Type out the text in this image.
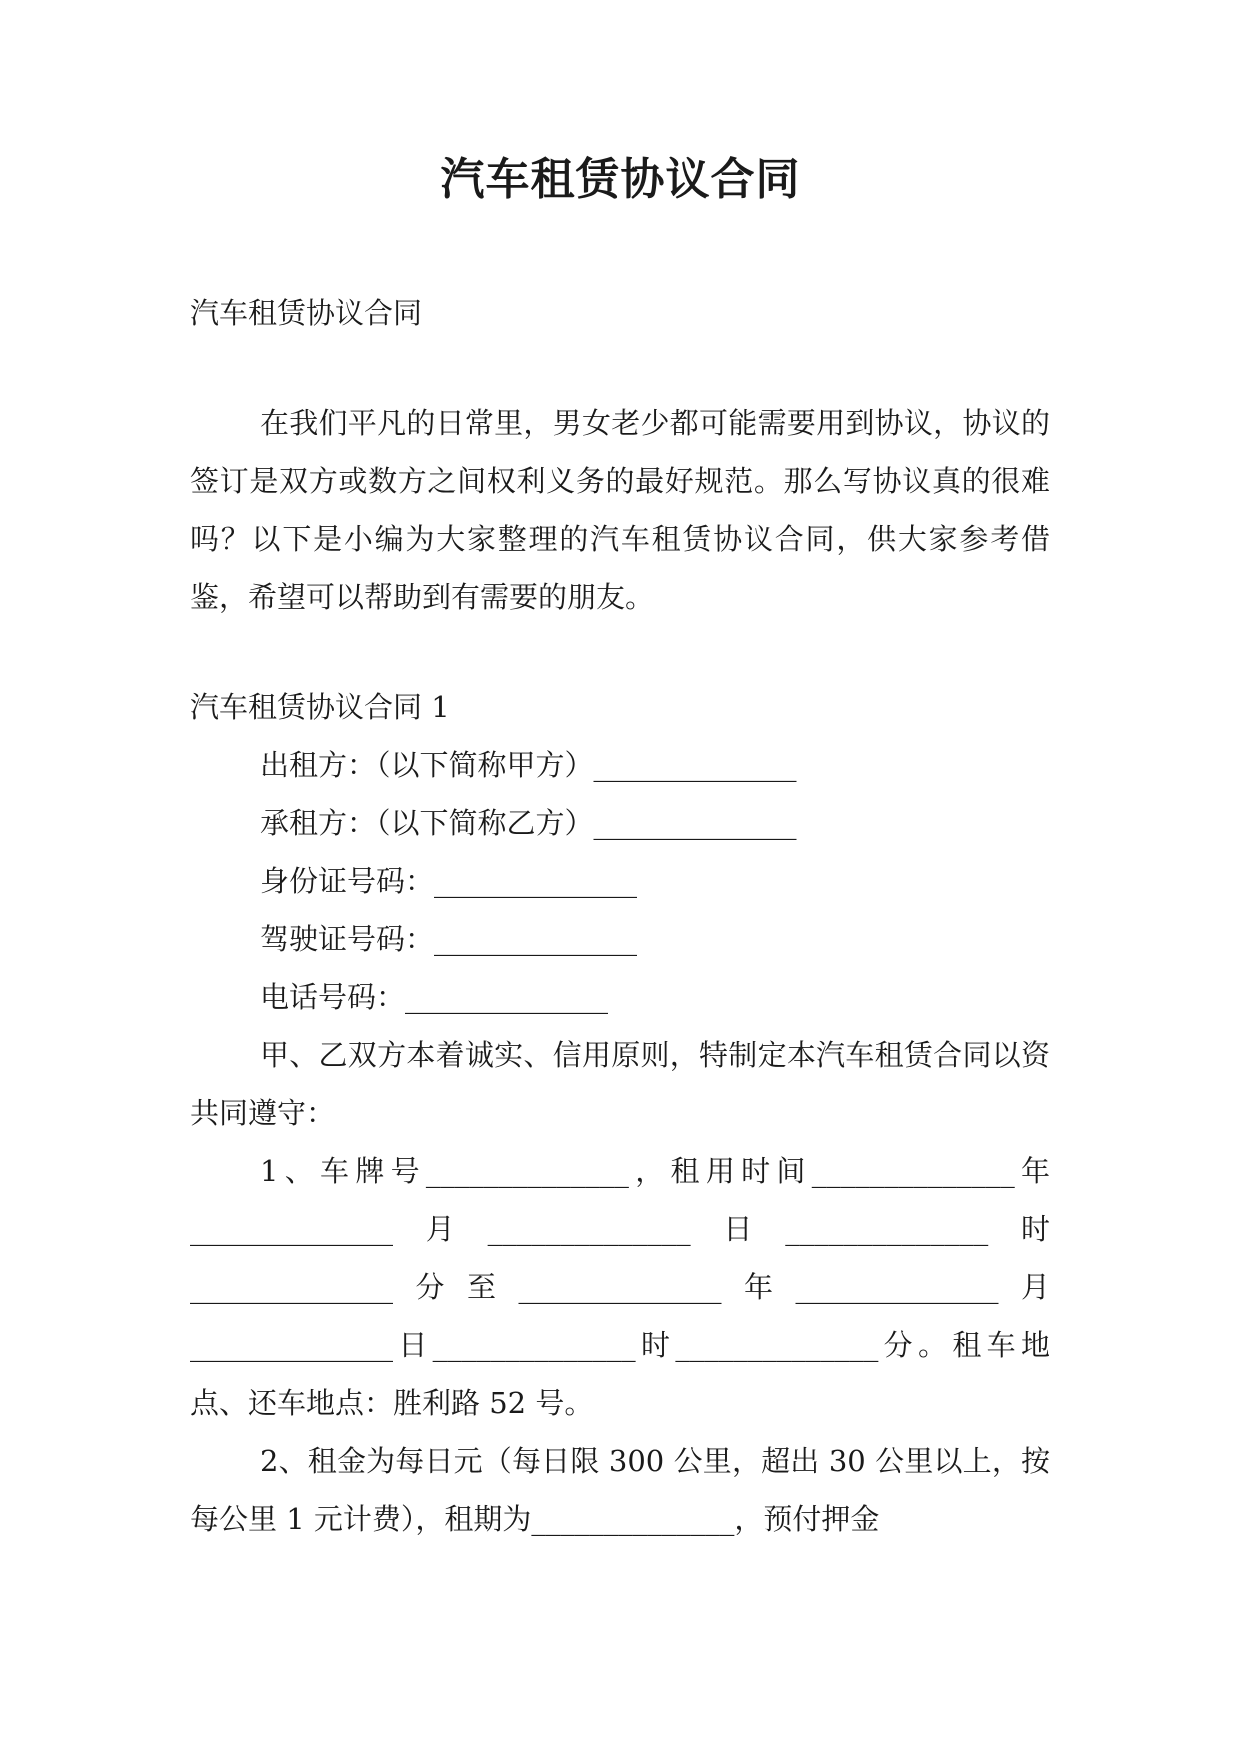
汽车租赁协议合同

汽车租赁协议合同

在我们平凡的日常里，男女老少都可能需要用到协议，协议的签订是双方或数方之间权利义务的最好规范。那么写协议真的很难吗？以下是小编为大家整理的汽车租赁协议合同，供大家参考借鉴，希望可以帮助到有需要的朋友。

汽车租赁协议合同 1

出租方：（以下简称甲方）______________

承租方：（以下简称乙方）______________

身份证号码：______________

驾驶证号码：______________

电话号码：______________

甲、乙双方本着诚实、信用原则，特制定本汽车租赁合同以资共同遵守：

1、车牌号______________，租用时间______________年______________月______________日______________时______________分至______________年______________月______________日______________时______________分。租车地点、还车地点：胜利路 52 号。

2、租金为每日元（每日限 300 公里，超出 30 公里以上，按每公里 1 元计费），租期为______________，预付押金
